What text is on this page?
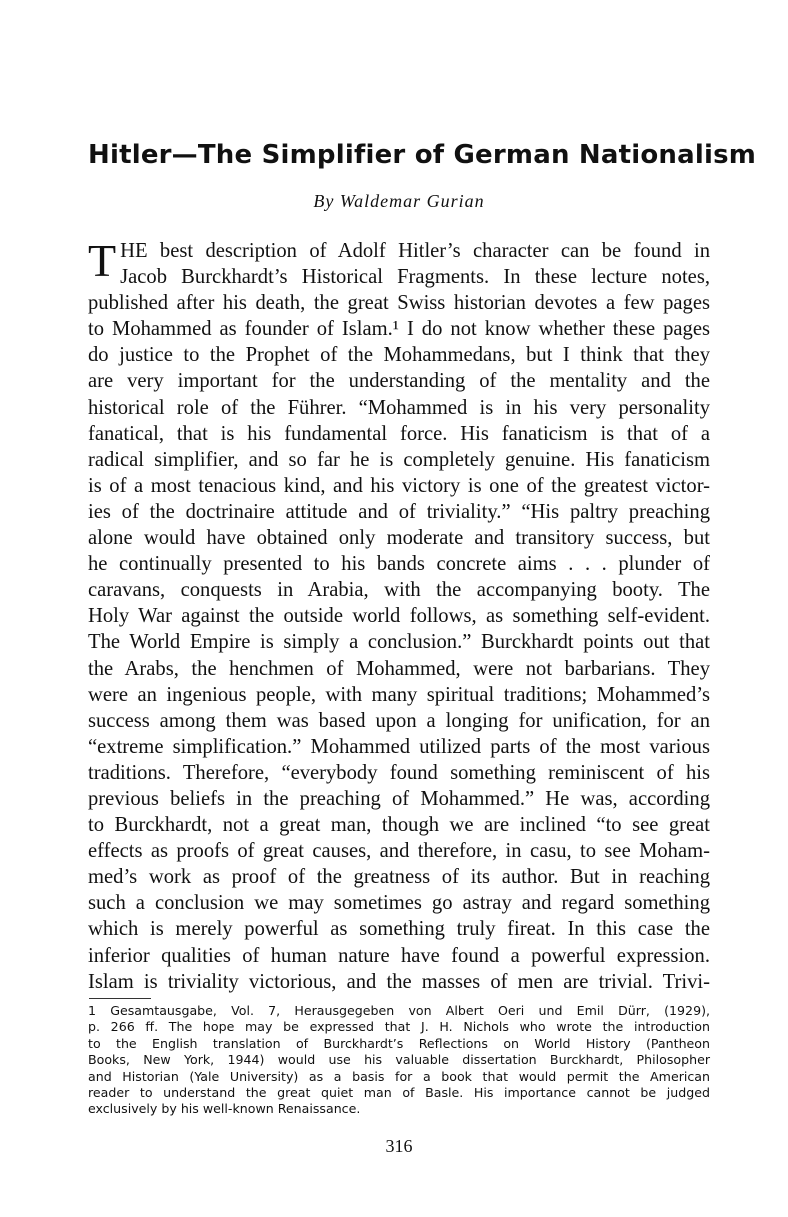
Hitler—The Simplifier of German Nationalism

By Waldemar Gurian

T HE best description of Adolf Hitler’s character can be found in
Jacob Burckhardt’s Historical Fragments. In these lecture notes,
published after his death, the great Swiss historian devotes a few pages
to Mohammed as founder of Islam.¹ I do not know whether these pages
do justice to the Prophet of the Mohammedans, but I think that they
are very important for the understanding of the mentality and the
historical role of the Führer. “Mohammed is in his very personality
fanatical, that is his fundamental force. His fanaticism is that of a
radical simplifier, and so far he is completely genuine. His fanaticism
is of a most tenacious kind, and his victory is one of the greatest victor-
ies of the doctrinaire attitude and of triviality.” “His paltry preaching
alone would have obtained only moderate and transitory success, but
he continually presented to his bands concrete aims . . . plunder of
caravans, conquests in Arabia, with the accompanying booty. The
Holy War against the outside world follows, as something self-evident.
The World Empire is simply a conclusion.” Burckhardt points out that
the Arabs, the henchmen of Mohammed, were not barbarians. They
were an ingenious people, with many spiritual traditions; Mohammed’s
success among them was based upon a longing for unification, for an
“extreme simplification.” Mohammed utilized parts of the most various
traditions. Therefore, “everybody found something reminiscent of his
previous beliefs in the preaching of Mohammed.” He was, according
to Burckhardt, not a great man, though we are inclined “to see great
effects as proofs of great causes, and therefore, in casu, to see Moham-
med’s work as proof of the greatness of its author. But in reaching
such a conclusion we may sometimes go astray and regard something
which is merely powerful as something truly fireat. In this case the
inferior qualities of human nature have found a powerful expression.
Islam is triviality victorious, and the masses of men are trivial. Trivi-
1 Gesamtausgabe, Vol. 7, Herausgegeben von Albert Oeri und Emil Dürr, (1929),
p. 266 ff. The hope may be expressed that J. H. Nichols who wrote the introduction
to the English translation of Burckhardt’s Reflections on World History (Pantheon
Books, New York, 1944) would use his valuable dissertation Burckhardt, Philosopher
and Historian (Yale University) as a basis for a book that would permit the American
reader to understand the great quiet man of Basle. His importance cannot be judged
exclusively by his well-known Renaissance.

316
